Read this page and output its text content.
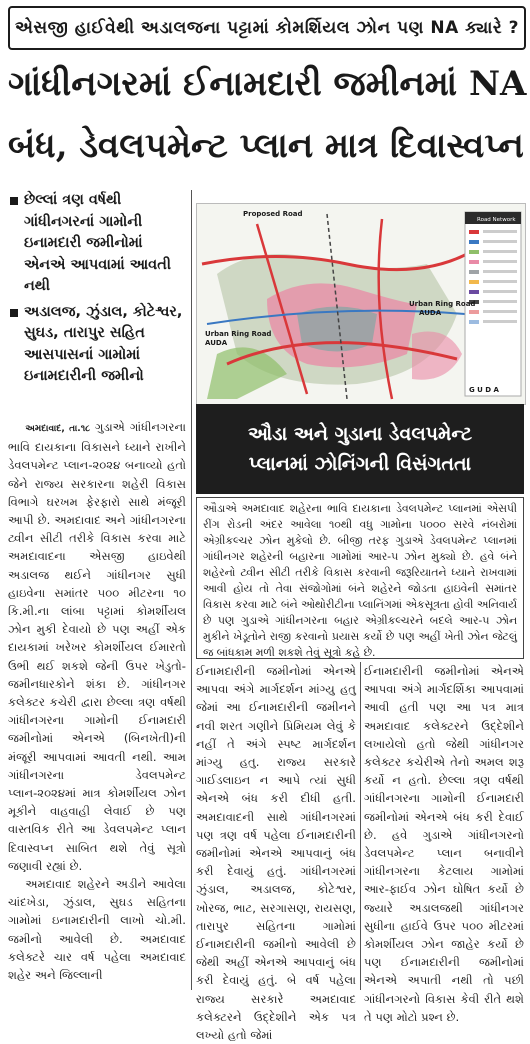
એસજી હાઈવેથી અડાલજના પટ્ટામાં કોમર્શિયલ ઝોન પણ NA ક્યારે ?
ગાંધીનગરમાં ઈનામદારી જમીનમાં NA
બંધ, ડેવલપમેન્ટ પ્લાન માત્ર દિવાસ્વપ્ન
છેલ્લાં ત્રણ વર્ષથી ગાંધીનગરનાં ગામોની ઇનામદારી જમીનોમાં એનએ આપવામાં આવતી નથી
અડાલજ, ઝુંડાલ, કોટેશ્વર, સુઘડ, તારાપુર સહિત આસપાસનાં ગામોમાં ઇનામદારીની જમીનો
Road Network
Proposed Road
Urban Ring Road
AUDA
Urban Ring Road
AUDA
G U D A
ઔડા અને ગુડાના ડેવલપમેન્ટ
પ્લાનમાં ઝોનિંગની વિસંગતતા
ઔડાએ અમદાવાદ શહેરના ભાવિ દાયકાના ડેવલપમેન્ટ પ્લાનમાં એસપી રીંગ રોડની અંદર આવેલા ૧૦થી વધુ ગામોના ૫૦૦૦ સરવે નંબરોમાં એગ્રીકલ્ચર ઝોન મુકેલો છે. બીજી તરફ ગુડાએ ડેવલપમેન્ટ પ્લાનમાં ગાંધીનગર શહેરની બહારના ગામોમાં આર-૫ ઝોન મુક્યો છે. હવે બંને શહેરનો ટ્વીન સીટી તરીકે વિકાસ કરવાની જરૂરિયાતને ધ્યાને રાખવામાં આવી હોય તો તેવા સંજોગોમાં બંને શહેરને જોડતા હાઇવેની સમાંતર વિકાસ કરવા માટે બંને ઓથોરીટીના પ્લાનિંગમાં એકસૂત્રતા હોવી અનિવાર્ય છે પણ ગુડાએ ગાંધીનગરના બહાર એગ્રીકલ્ચરને બદલે આર-૫ ઝોન મુકીને ખેડૂતોને રાજી કરવાનો પ્રયાસ કર્યો છે પણ અહીં ખેતી ઝોન જેટલું જ બાંધકામ મળી શકશે તેવું સૂત્રો કહે છે.

અમદાવાદ, તા.૧૮ ગુડાએ ગાંધીનગરના ભાવિ દાયકાના વિકાસને ધ્યાને રાખીને ડેવલપમેન્ટ પ્લાન-૨૦૨૪ બનાવ્યો હતો જેને રાજ્ય સરકારના શહેરી વિકાસ વિભાગે ઘરખમ ફેરફારો સાથે મંજૂરી આપી છે. અમદાવાદ અને ગાંધીનગરના ટ્વીન સીટી તરીકે વિકાસ કરવા માટે અમદાવાદના એસજી હાઇવેથી અડાલજ થઈને ગાંધીનગર સુધી હાઇવેના સમાંતર ૫૦૦ મીટરના ૧૦ કિ.મી.ના લાંબા પટ્ટામાં કોમર્શીયલ ઝોન મુકી દેવાયો છે પણ અહીં એક દાયકામાં ખરેખર કોમર્શીયલ ઈમારતો ઉભી થઈ શકશે જેની ઉપર ખેડુતો-જમીનધારકોને શંકા છે. ગાંધીનગર કલેક્ટર કચેરી દ્વારા છેલ્લા ત્રણ વર્ષથી ગાંધીનગરના ગામોની ઈનામદારી જમીનોમાં એનએ (બિનખેતી)ની મંજૂરી આપવામાં આવતી નથી. આમ ગાંધીનગરના ડેવલપમેન્ટ પ્લાન-૨૦૨૪માં માત્ર કોમર્શીયલ ઝોન મૂકીને વાહવાહી લેવાઈ છે પણ વાસ્તવિક રીતે આ ડેવલપમેન્ટ પ્લાન દિવાસ્વપ્ન સાબિત થશે તેવું સૂત્રો જણાવી રહ્યાં છે.

અમદાવાદ શહેરને અડીને આવેલા ચાંદખેડા, ઝુંડાલ, સુઘડ સહિતના ગામોમાં ઇનામદારીની લાખો ચો.મી. જમીનો આવેલી છે. અમદાવાદ કલેક્ટરે ચાર વર્ષ પહેલા અમદાવાદ શહેર અને જિલ્લાની

ઈનામદારીની જમીનોમાં એનએ આપવા અંગે માર્ગદર્શન માંગ્યુ હતુ જેમાં આ ઈનામદારીની જમીનને નવી શરત ગણીને પ્રિમિયમ લેવું કે નહીં તે અંગે સ્પષ્ટ માર્ગદર્શન માંગ્યુ હતુ. રાજ્ય સરકારે ગાઈડલાઇન ન આપે ત્યાં સુધી એનએ બંધ કરી દીધી હતી. અમદાવાદની સાથે ગાંધીનગરમાં પણ ત્રણ વર્ષ પહેલા ઈનામદારીની જમીનોમાં એનએ આપવાનું બંધ કરી દેવાયું હતું. ગાંધીનગરમાં ઝુંડાલ, અડાલજ, કોટેશ્વર, ખોરજ, ભાટ, સરગાસણ, રાયસણ, તારાપુર સહિતના ગામોમાં ઈનામદારીની જમીનો આવેલી છે જેથી અહીં એનએ આપવાનું બંધ કરી દેવાયું હતું. બે વર્ષ પહેલા રાજ્ય સરકારે અમદાવાદ કલેક્ટરને ઉદ્દેશીને એક પત્ર લખ્યો હતો જેમાં

ઈનામદારીની જમીનોમાં એનએ આપવા અંગે માર્ગદર્શિકા આપવામાં આવી હતી પણ આ પત્ર માત્ર અમદાવાદ કલેક્ટરને ઉદ્દેશીને લખાયેલો હતો જેથી ગાંધીનગર કલેક્ટર કચેરીએ તેનો અમલ શરૂ કર્યો ન હતો. છેલ્લા ત્રણ વર્ષથી ગાંધીનગરના ગામોની ઈનામદારી જમીનોમાં એનએ બંધ કરી દેવાઈ છે. હવે ગુડાએ ગાંધીનગરનો ડેવલપમેન્ટ પ્લાન બનાવીને ગાંધીનગરના કેટલાય ગામોમાં આર-ફાઈવ ઝોન ઘોષિત કર્યો છે જ્યારે અડાલજથી ગાંધીનગર સુધીના હાઈવે ઉપર ૫૦૦ મીટરમાં કોમર્શીયલ ઝોન જાહેર કર્યો છે પણ ઈનામદારીની જમીનોમાં એનએ અપાતી નથી તો પછી ગાંધીનગરનો વિકાસ કેવી રીતે થશે તે પણ મોટો પ્રશ્ન છે.
